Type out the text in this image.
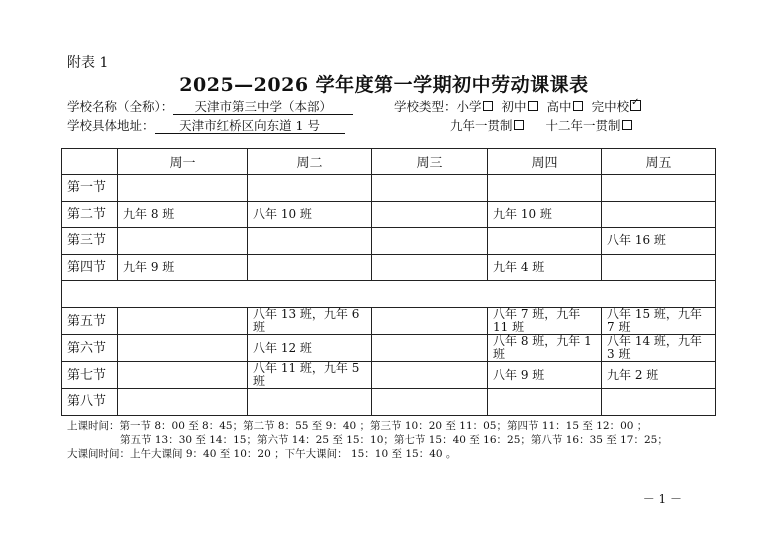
附表 1
2025—2026 学年度第一学期初中劳动课课表
学校名称（全称）： 天津市第三中学（本部）	学校类型：小学 初中 高中 完中校✓
学校具体地址： 天津市红桥区向东道 1 号	九年一贯制	十二年一贯制
	周一	周二	周三	周四	周五
第一节					
第二节	九年 8 班	八年 10 班		九年 10 班	
第三节					八年 16 班
第四节	九年 9 班			九年 4 班	

第五节		八年 13 班，九年 6 班		八年 7 班，九年 11 班	八年 15 班，九年 7 班
第六节		八年 12 班		八年 8 班，九年 1 班	八年 14 班，九年 3 班
第七节		八年 11 班，九年 5 班		八年 9 班	九年 2 班
第八节					
上课时间：第一节 8：00 至 8：45；第二节 8：55 至 9：40 ；第三节 10：20 至 11：05；第四节 11：15 至 12：00 ；
第五节 13：30 至 14：15；第六节 14：25 至 15：10；第七节 15：40 至 16：25；第八节 16：35 至 17：25；
大课间时间：上午大课间 9：40 至 10：20 ；下午大课间： 15：10 至 15：40 。
－ 1 －
